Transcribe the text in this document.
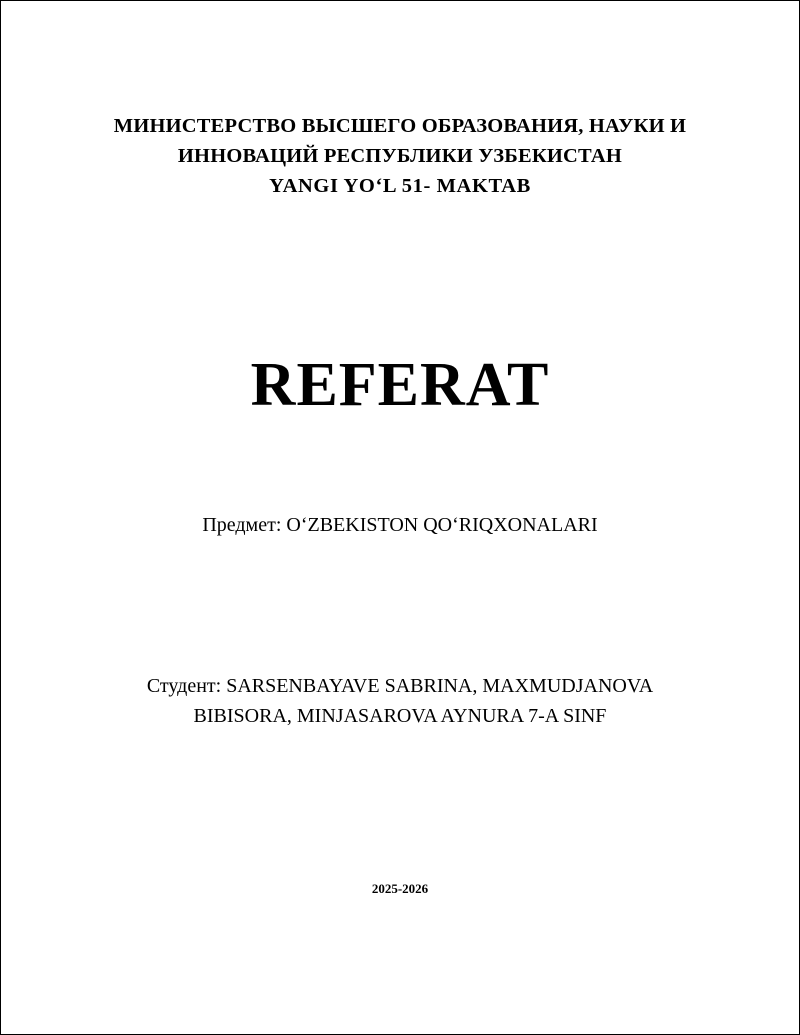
МИНИСТЕРСТВО ВЫСШЕГО ОБРАЗОВАНИЯ, НАУКИ И
ИННОВАЦИЙ РЕСПУБЛИКИ УЗБЕКИСТАН
YANGI YO‘L 51- MAKTAB
REFERAT
Предмет: O‘ZBEKISTON QO‘RIQXONALARI
Студент: SARSENBAYAVE SABRINA, MAXMUDJANOVA
BIBISORA, MINJASAROVA AYNURA 7-A SINF
2025-2026
